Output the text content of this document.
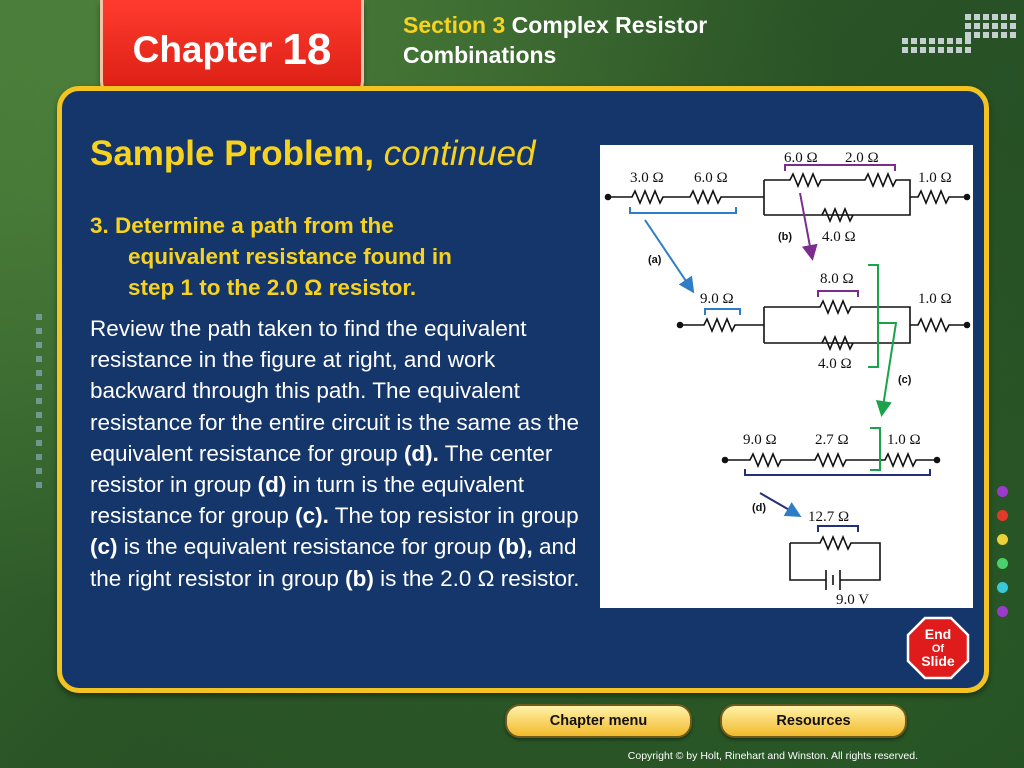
Chapter 18	Section 3 Complex Resistor Combinations
Sample Problem, continued
3. Determine a path from the
equivalent resistance found in
step 1 to the 2.0 Ω resistor.
Review the path taken to find the equivalent resistance in the figure at right, and work backward through this path. The equivalent resistance for the entire circuit is the same as the equivalent resistance for group (d). The center resistor in group (d) in turn is the equivalent resistance for group (c). The top resistor in group (c) is the equivalent resistance for group (b), and the right resistor in group (b) is the 2.0 Ω resistor.
3.0 Ω 6.0 Ω
6.0 Ω 2.0 Ω
1.0 Ω
4.0 Ω
9.0 Ω
8.0 Ω
1.0 Ω
4.0 Ω
9.0 Ω	2.7 Ω	1.0 Ω
12.7 Ω
9.0 V
(a)
(b)
(c)
(d)
End
Of
Slide
Chapter menu	Resources
Copyright © by Holt, Rinehart and Winston. All rights reserved.
